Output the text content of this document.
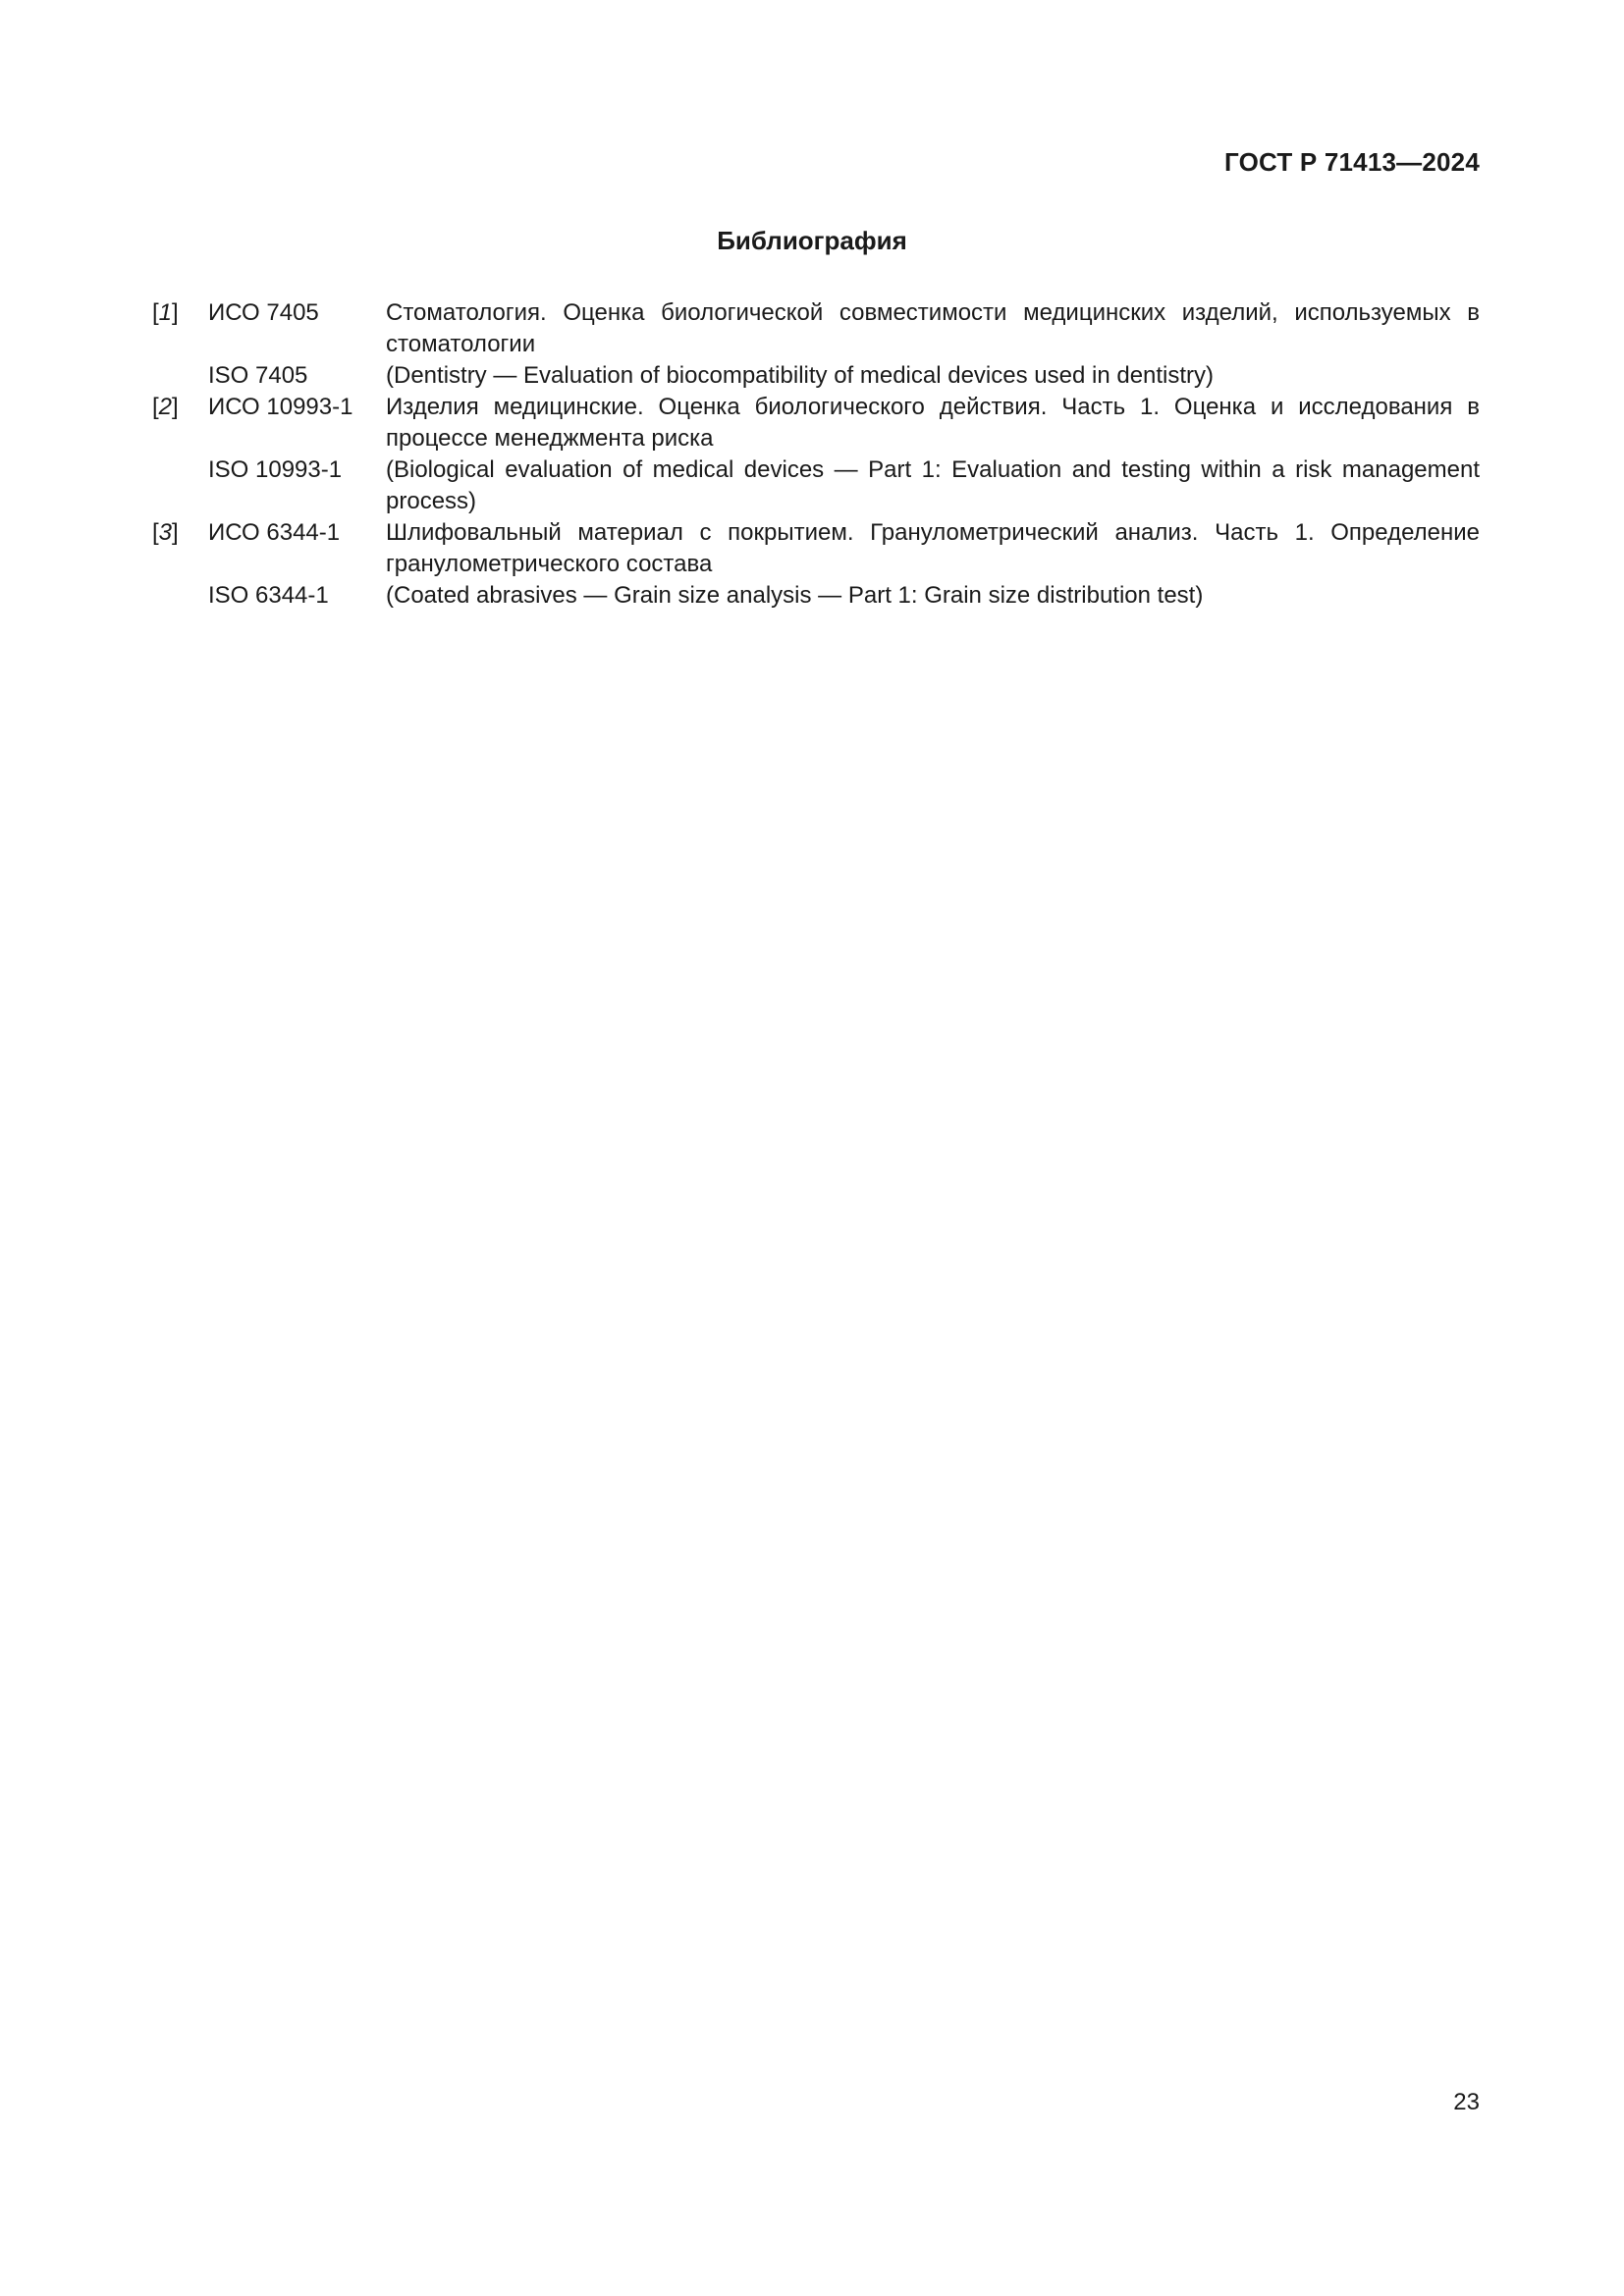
ГОСТ Р 71413—2024
Библиография
[1]	ИСО 7405	Стоматология. Оценка биологической совместимости медицинских изделий, используемых в стоматологии
	ISO 7405	(Dentistry — Evaluation of biocompatibility of medical devices used in dentistry)
[2]	ИСО 10993-1	Изделия медицинские. Оценка биологического действия. Часть 1. Оценка и исследования в процессе менеджмента риска
	ISO 10993-1	(Biological evaluation of medical devices — Part 1: Evaluation and testing within a risk management process)
[3]	ИСО 6344-1	Шлифовальный материал с покрытием. Гранулометрический анализ. Часть 1. Определение гранулометрического состава
	ISO 6344-1	(Coated abrasives — Grain size analysis — Part 1: Grain size distribution test)
23
